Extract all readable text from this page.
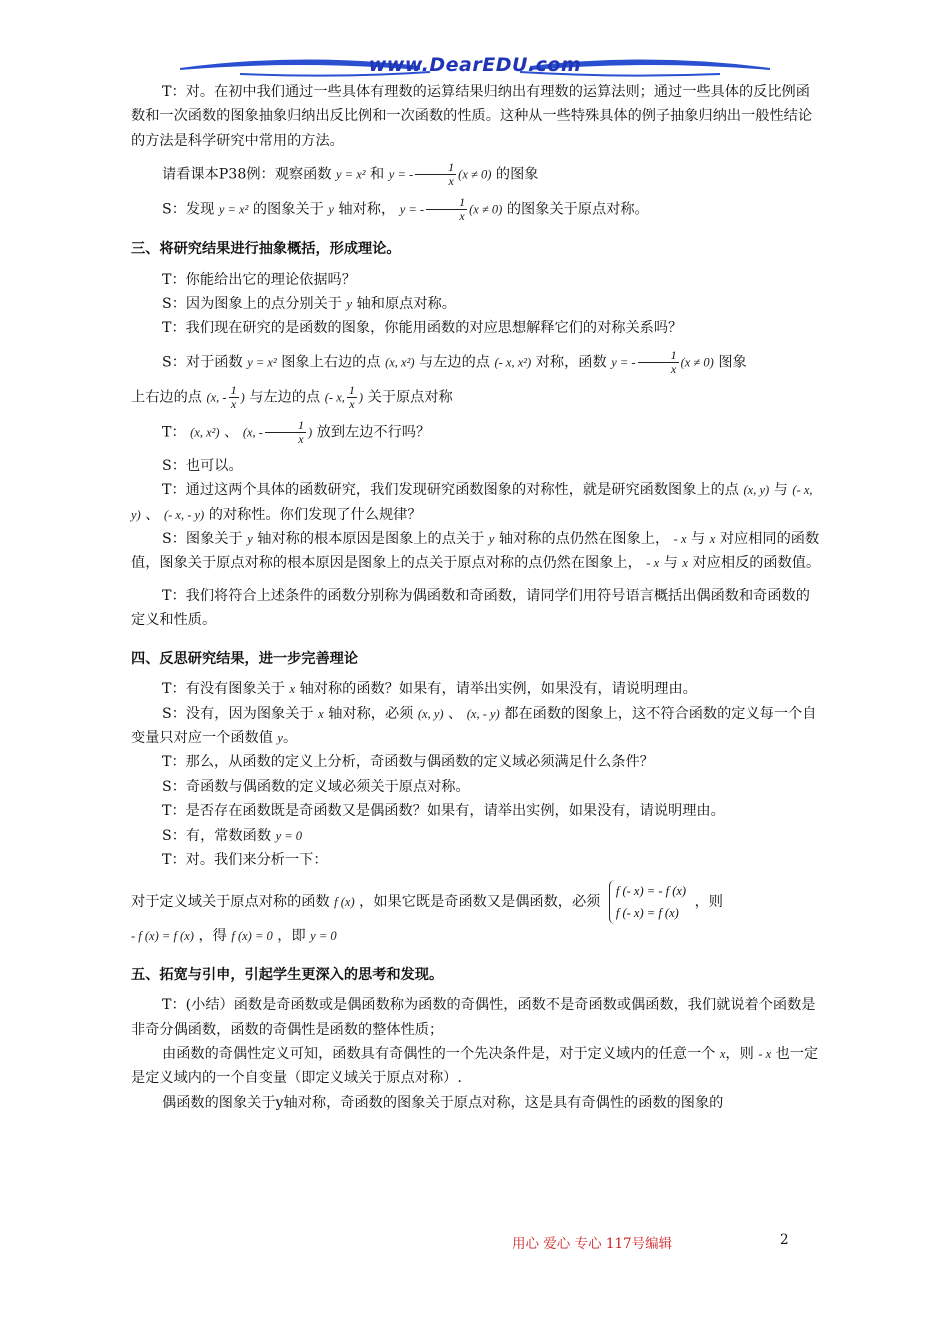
www.DearEDU.com

T：对。在初中我们通过一些具体有理数的运算结果归纳出有理数的运算法则；通过一些具体的反比例函数和一次函数的图象抽象归纳出反比例和一次函数的性质。这种从一些特殊具体的例子抽象归纳出一般性结论的方法是科学研究中常用的方法。

请看课本P38例：观察函数 y = x² 和 y = - $\frac{1}{x} (x \ne 0)$ 的图象

S：发现 y = x² 的图象关于 y 轴对称， y = - $\frac{1}{x} (x \ne 0)$ 的图象关于原点对称。

三、将研究结果进行抽象概括，形成理论。

T：你能给出它的理论依据吗？

S：因为图象上的点分别关于 y 轴和原点对称。

T：我们现在研究的是函数的图象，你能用函数的对应思想解释它们的对称关系吗？

S：对于函数 y = x² 图象上右边的点 (x, x²) 与左边的点 (- x, x²) 对称，函数 y = - $\frac{1}{x} (x \ne 0)$ 图象

上右边的点 (x, - $\frac{1}{x}$ ) 与左边的点 (- x, $\frac{1}{x}$ ) 关于原点对称

T： (x, x²) 、 (x, - $\frac{1}{x}$ ) 放到左边不行吗？

S：也可以。

T：通过这两个具体的函数研究，我们发现研究函数图象的对称性，就是研究函数图象上的点 (x, y) 与 (- x, y) 、 (- x, - y) 的对称性。你们发现了什么规律？

S：图象关于 y 轴对称的根本原因是图象上的点关于 y 轴对称的点仍然在图象上， - x 与 x 对应相同的函数值，图象关于原点对称的根本原因是图象上的点关于原点对称的点仍然在图象上， - x 与 x 对应相反的函数值。

T：我们将符合上述条件的函数分别称为偶函数和奇函数，请同学们用符号语言概括出偶函数和奇函数的定义和性质。

四、反思研究结果，进一步完善理论

T：有没有图象关于 x 轴对称的函数？如果有，请举出实例，如果没有，请说明理由。

S：没有，因为图象关于 x 轴对称，必须 (x, y) 、 (x, - y) 都在函数的图象上，这不符合函数的定义每一个自变量只对应一个函数值 y。

T：那么，从函数的定义上分析，奇函数与偶函数的定义域必须满足什么条件？

S：奇函数与偶函数的定义域必须关于原点对称。

T：是否存在函数既是奇函数又是偶函数？如果有，请举出实例，如果没有，请说明理由。

S：有，常数函数 y = 0

T：对。我们来分析一下：

对于定义域关于原点对称的函数 f (x) ，如果它既是奇函数又是偶函数，必须
f (- x) = - f (x)
f (- x) = f (x)
，则

- f (x) = f (x) ，得 f (x) = 0 ，即 y = 0

五、拓宽与引申，引起学生更深入的思考和发现。

T：(小结）函数是奇函数或是偶函数称为函数的奇偶性，函数不是奇函数或偶函数，我们就说着个函数是非奇分偶函数，函数的奇偶性是函数的整体性质；

由函数的奇偶性定义可知，函数具有奇偶性的一个先决条件是，对于定义域内的任意一个 x，则 - x 也一定是定义域内的一个自变量（即定义域关于原点对称）.

偶函数的图象关于y轴对称，奇函数的图象关于原点对称，这是具有奇偶性的函数的图象的

用心 爱心 专心 117号编辑	2
